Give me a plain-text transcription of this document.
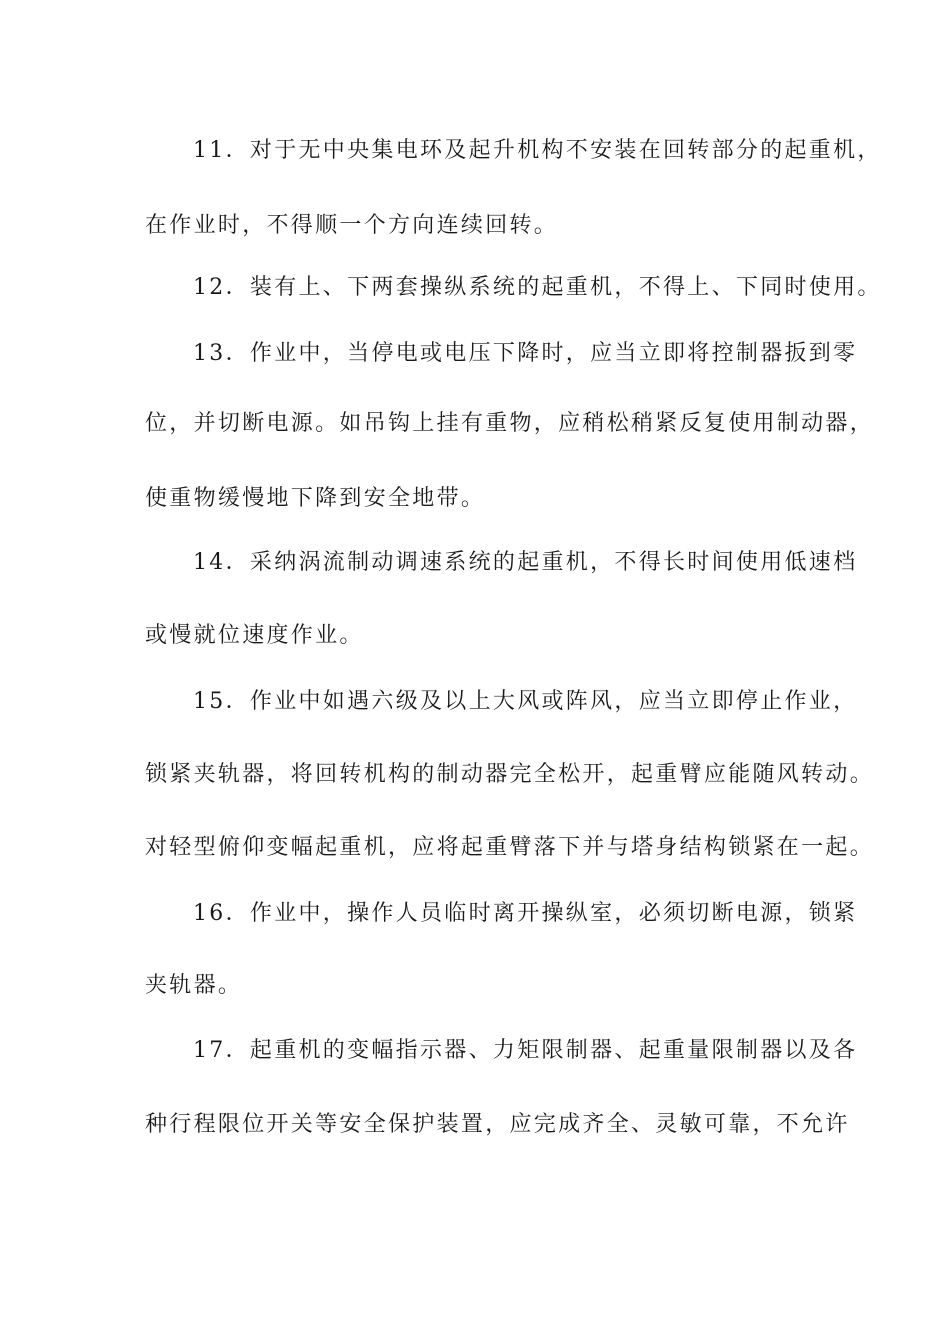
11．对于无中央集电环及起升机构不安装在回转部分的起重机，
在作业时，不得顺一个方向连续回转。
12．装有上、下两套操纵系统的起重机，不得上、下同时使用。
13．作业中，当停电或电压下降时，应当立即将控制器扳到零
位，并切断电源。如吊钩上挂有重物，应稍松稍紧反复使用制动器，
使重物缓慢地下降到安全地带。
14．采纳涡流制动调速系统的起重机，不得长时间使用低速档
或慢就位速度作业。
15．作业中如遇六级及以上大风或阵风，应当立即停止作业，
锁紧夹轨器，将回转机构的制动器完全松开，起重臂应能随风转动。
对轻型俯仰变幅起重机，应将起重臂落下并与塔身结构锁紧在一起。
16．作业中，操作人员临时离开操纵室，必须切断电源，锁紧
夹轨器。
17．起重机的变幅指示器、力矩限制器、起重量限制器以及各
种行程限位开关等安全保护装置，应完成齐全、灵敏可靠，不允许
